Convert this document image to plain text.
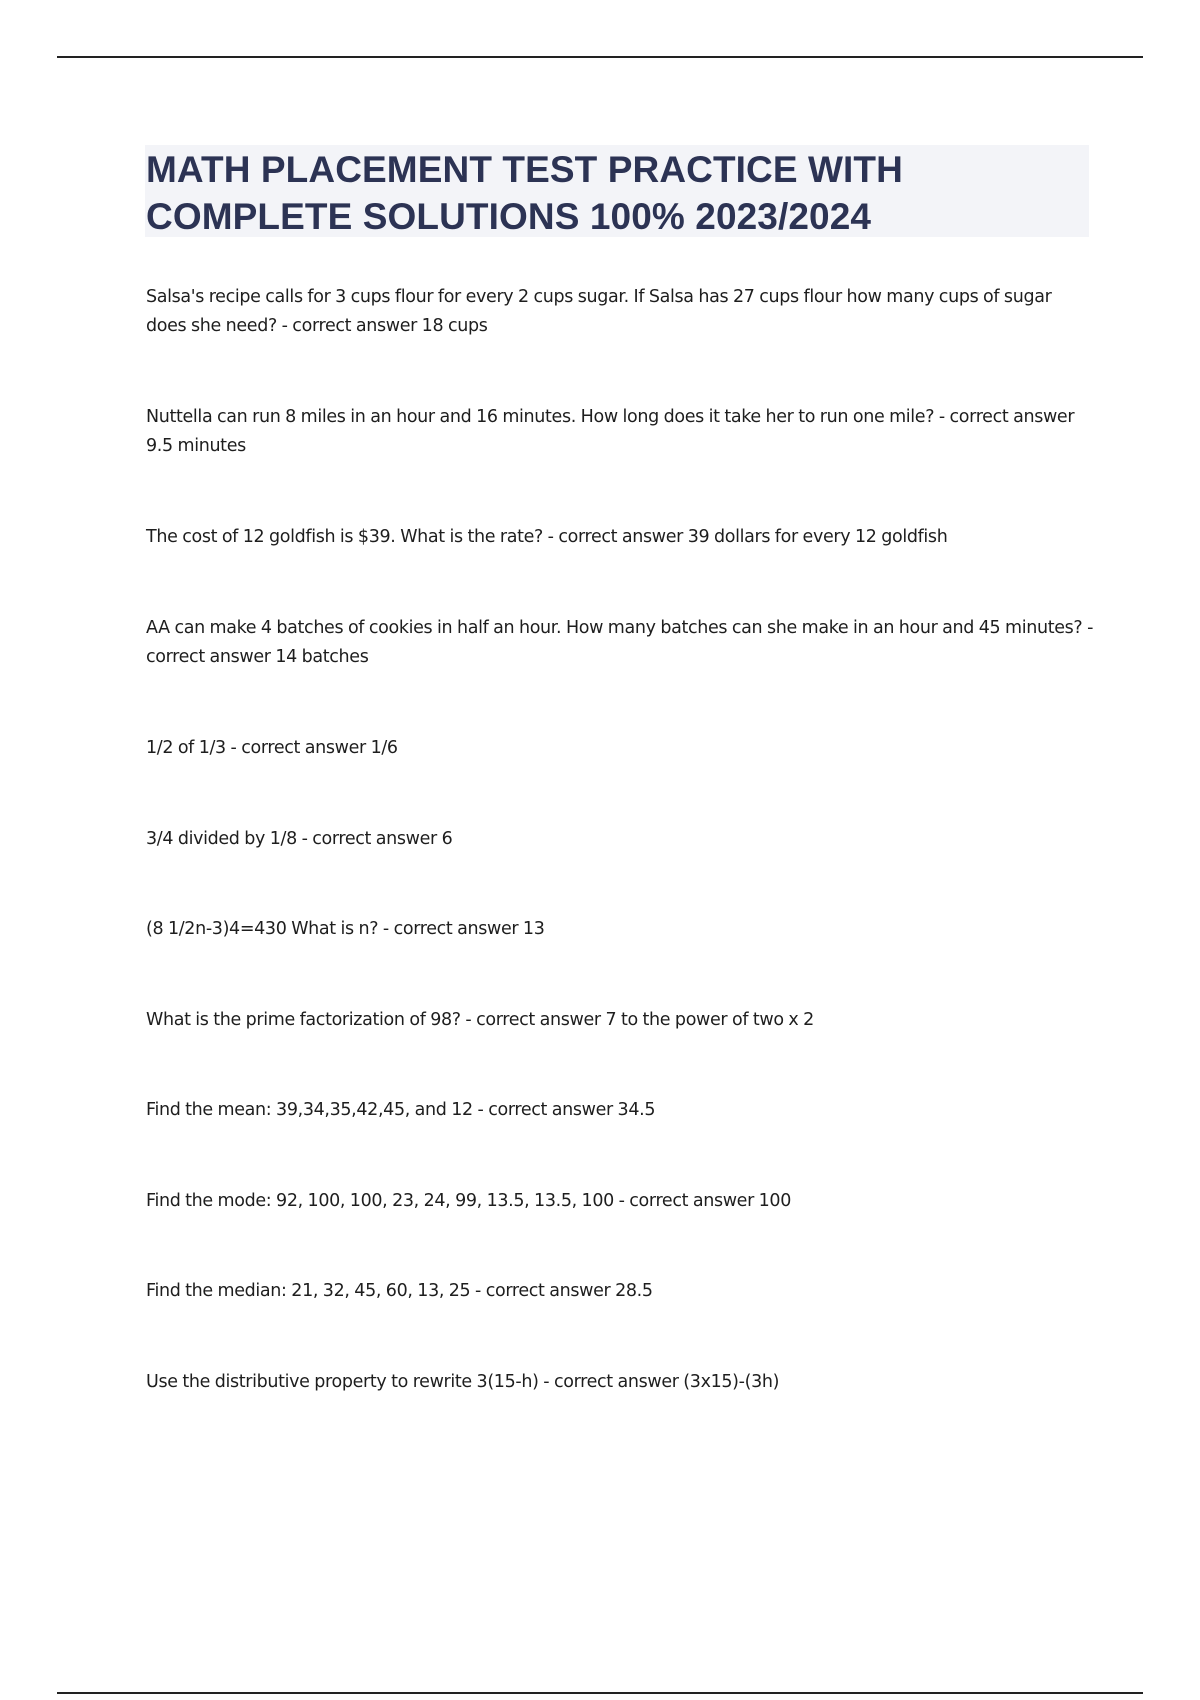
MATH PLACEMENT TEST PRACTICE WITH COMPLETE SOLUTIONS 100% 2023/2024

Salsa's recipe calls for 3 cups flour for every 2 cups sugar. If Salsa has 27 cups flour how many cups of sugar does she need? - correct answer 18 cups

Nuttella can run 8 miles in an hour and 16 minutes. How long does it take her to run one mile? - correct answer 9.5 minutes

The cost of 12 goldfish is $39. What is the rate? - correct answer 39 dollars for every 12 goldfish

AA can make 4 batches of cookies in half an hour. How many batches can she make in an hour and 45 minutes? - correct answer 14 batches

1/2 of 1/3 - correct answer 1/6

3/4 divided by 1/8 - correct answer 6

(8 1/2n-3)4=430 What is n? - correct answer 13

What is the prime factorization of 98? - correct answer 7 to the power of two x 2

Find the mean: 39,34,35,42,45, and 12 - correct answer 34.5

Find the mode: 92, 100, 100, 23, 24, 99, 13.5, 13.5, 100 - correct answer 100

Find the median: 21, 32, 45, 60, 13, 25 - correct answer 28.5

Use the distributive property to rewrite 3(15-h) - correct answer (3x15)-(3h)
